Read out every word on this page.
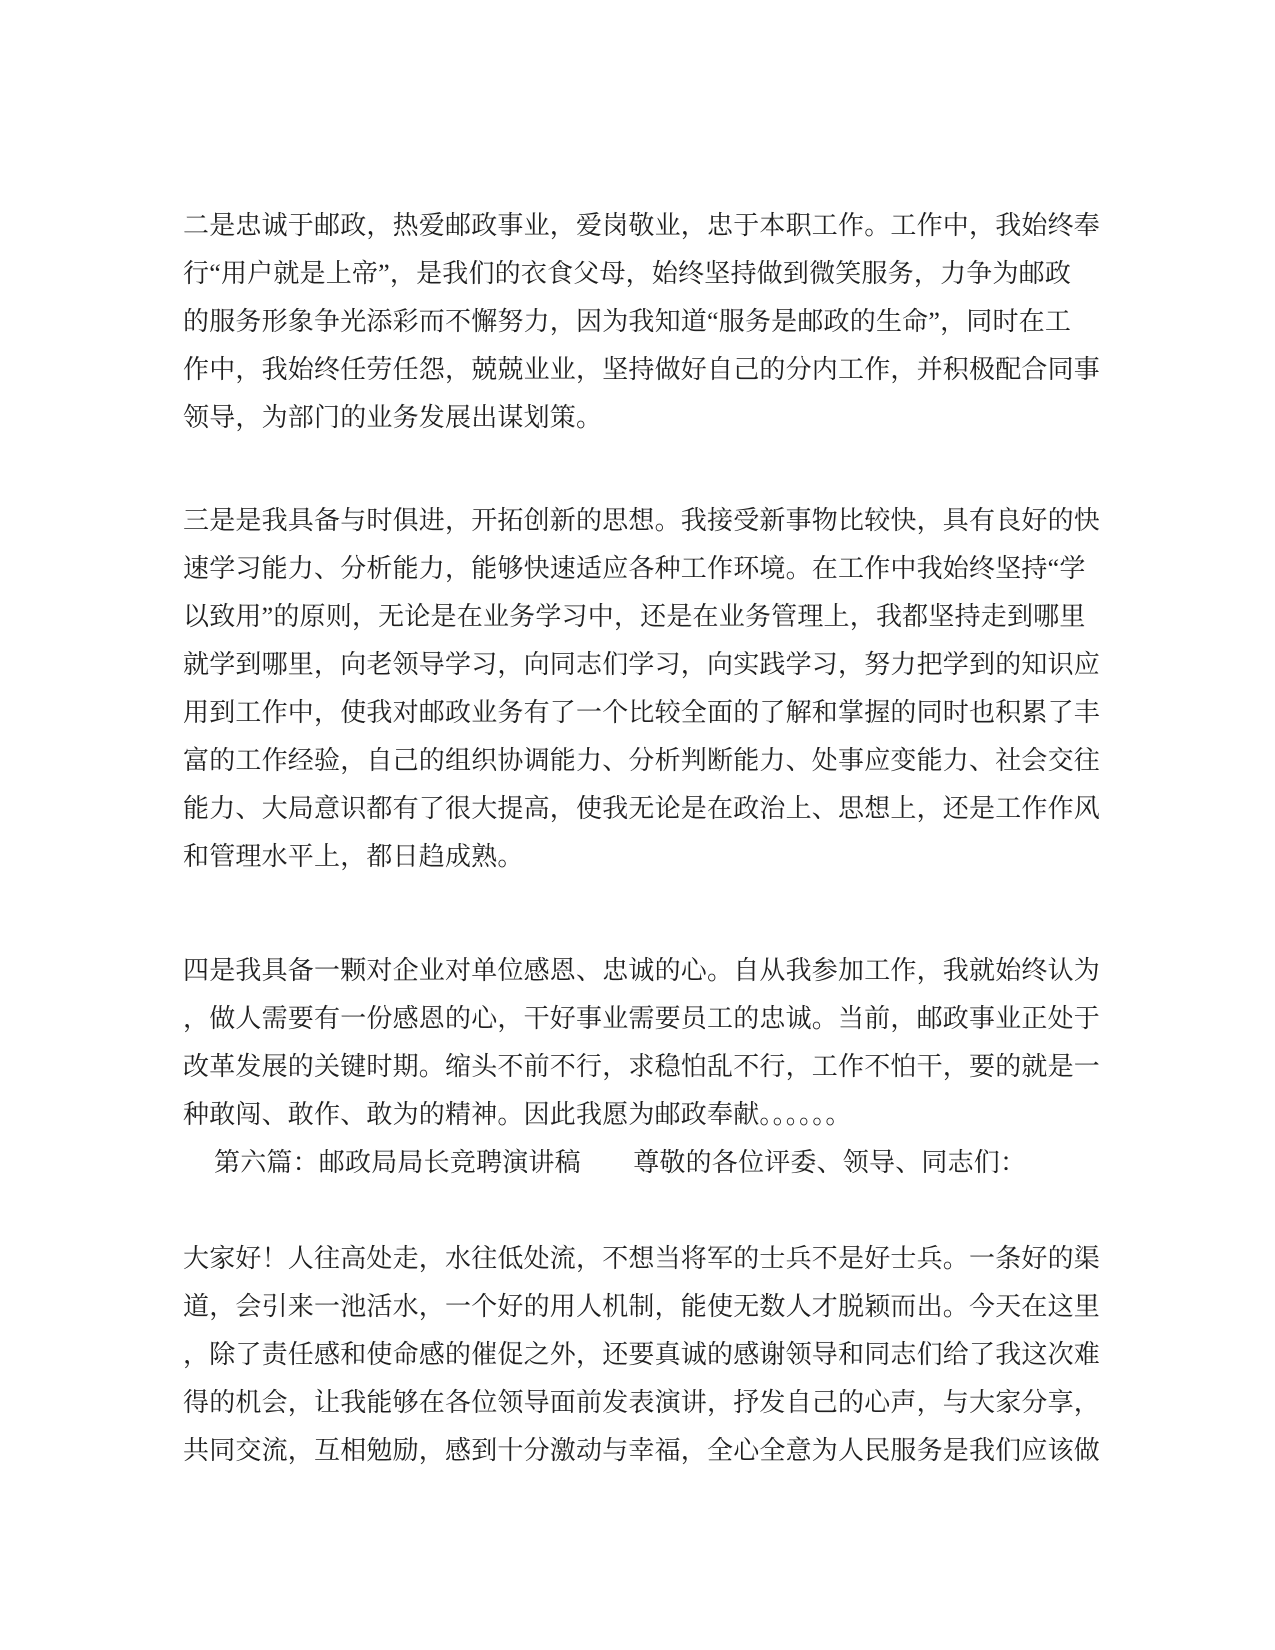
二是忠诚于邮政，热爱邮政事业，爱岗敬业，忠于本职工作。工作中，我始终奉
行“用户就是上帝”，是我们的衣食父母，始终坚持做到微笑服务，力争为邮政
的服务形象争光添彩而不懈努力，因为我知道“服务是邮政的生命”，同时在工
作中，我始终任劳任怨，兢兢业业，坚持做好自己的分内工作，并积极配合同事
领导，为部门的业务发展出谋划策。
三是是我具备与时俱进，开拓创新的思想。我接受新事物比较快，具有良好的快
速学习能力、分析能力，能够快速适应各种工作环境。在工作中我始终坚持“学
以致用”的原则，无论是在业务学习中，还是在业务管理上，我都坚持走到哪里
就学到哪里，向老领导学习，向同志们学习，向实践学习，努力把学到的知识应
用到工作中，使我对邮政业务有了一个比较全面的了解和掌握的同时也积累了丰
富的工作经验，自己的组织协调能力、分析判断能力、处事应变能力、社会交往
能力、大局意识都有了很大提高，使我无论是在政治上、思想上，还是工作作风
和管理水平上，都日趋成熟。
四是我具备一颗对企业对单位感恩、忠诚的心。自从我参加工作，我就始终认为
，做人需要有一份感恩的心，干好事业需要员工的忠诚。当前，邮政事业正处于
改革发展的关键时期。缩头不前不行，求稳怕乱不行，工作不怕干，要的就是一
种敢闯、敢作、敢为的精神。因此我愿为邮政奉献。。。。。。
第六篇：邮政局局长竞聘演讲稿　　尊敬的各位评委、领导、同志们：
大家好！人往高处走，水往低处流，不想当将军的士兵不是好士兵。一条好的渠
道，会引来一池活水，一个好的用人机制，能使无数人才脱颖而出。今天在这里
，除了责任感和使命感的催促之外，还要真诚的感谢领导和同志们给了我这次难
得的机会，让我能够在各位领导面前发表演讲，抒发自己的心声，与大家分享，
共同交流，互相勉励，感到十分激动与幸福，全心全意为人民服务是我们应该做
